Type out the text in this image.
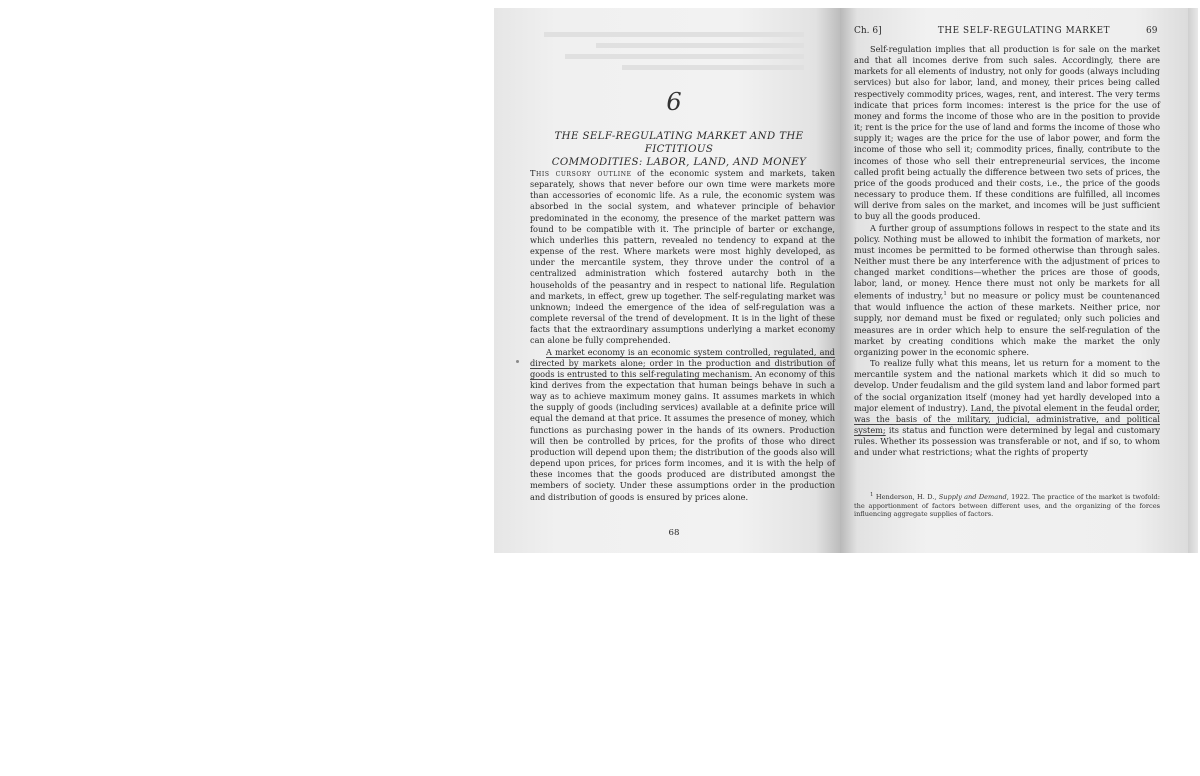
6
THE SELF-REGULATING MARKET AND THE FICTITIOUS
COMMODITIES: LABOR, LAND, AND MONEY

This cursory outline of the economic system and markets, taken separately, shows that never before our own time were markets more than accessories of economic life. As a rule, the economic system was absorbed in the social system, and whatever principle of behavior predominated in the economy, the presence of the market pattern was found to be compatible with it. The principle of barter or exchange, which underlies this pattern, revealed no tendency to expand at the expense of the rest. Where markets were most highly developed, as under the mercantile system, they throve under the control of a centralized administration which fostered autarchy both in the households of the peasantry and in respect to national life. Regulation and markets, in effect, grew up together. The self-regulating market was unknown; indeed the emergence of the idea of self-regulation was a complete reversal of the trend of development. It is in the light of these facts that the extraordinary assumptions underlying a market economy can alone be fully comprehended.

A market economy is an economic system controlled, regulated, and directed by markets alone; order in the production and distribution of goods is entrusted to this self-regulating mechanism. An economy of this kind derives from the expectation that human beings behave in such a way as to achieve maximum money gains. It assumes markets in which the supply of goods (including services) available at a definite price will equal the demand at that price. It assumes the presence of money, which functions as purchasing power in the hands of its owners. Production will then be controlled by prices, for the profits of those who direct production will depend upon them; the distribution of the goods also will depend upon prices, for prices form incomes, and it is with the help of these incomes that the goods produced are distributed amongst the members of society. Under these assumptions order in the production and distribution of goods is ensured by prices alone.

68
Ch. 6]	THE SELF-REGULATING MARKET	69

Self-regulation implies that all production is for sale on the market and that all incomes derive from such sales. Accordingly, there are markets for all elements of industry, not only for goods (always including services) but also for labor, land, and money, their prices being called respectively commodity prices, wages, rent, and interest. The very terms indicate that prices form incomes: interest is the price for the use of money and forms the income of those who are in the position to provide it; rent is the price for the use of land and forms the income of those who supply it; wages are the price for the use of labor power, and form the income of those who sell it; commodity prices, finally, contribute to the incomes of those who sell their entrepreneurial services, the income called profit being actually the difference between two sets of prices, the price of the goods produced and their costs, i.e., the price of the goods necessary to produce them. If these conditions are fulfilled, all incomes will derive from sales on the market, and incomes will be just sufficient to buy all the goods produced.

A further group of assumptions follows in respect to the state and its policy. Nothing must be allowed to inhibit the formation of markets, nor must incomes be permitted to be formed otherwise than through sales. Neither must there be any interference with the adjustment of prices to changed market conditions—whether the prices are those of goods, labor, land, or money. Hence there must not only be markets for all elements of industry,$^1$ but no measure or policy must be countenanced that would influence the action of these markets. Neither price, nor supply, nor demand must be fixed or regulated; only such policies and measures are in order which help to ensure the self-regulation of the market by creating conditions which make the market the only organizing power in the economic sphere.

To realize fully what this means, let us return for a moment to the mercantile system and the national markets which it did so much to develop. Under feudalism and the gild system land and labor formed part of the social organization itself (money had yet hardly developed into a major element of industry). Land, the pivotal element in the feudal order, was the basis of the military, judicial, administrative, and political system; its status and function were determined by legal and customary rules. Whether its possession was transferable or not, and if so, to whom and under what restrictions; what the rights of property

$^1$ Henderson, H. D., Supply and Demand, 1922. The practice of the market is twofold: the apportionment of factors between different uses, and the organizing of the forces influencing aggregate supplies of factors.
